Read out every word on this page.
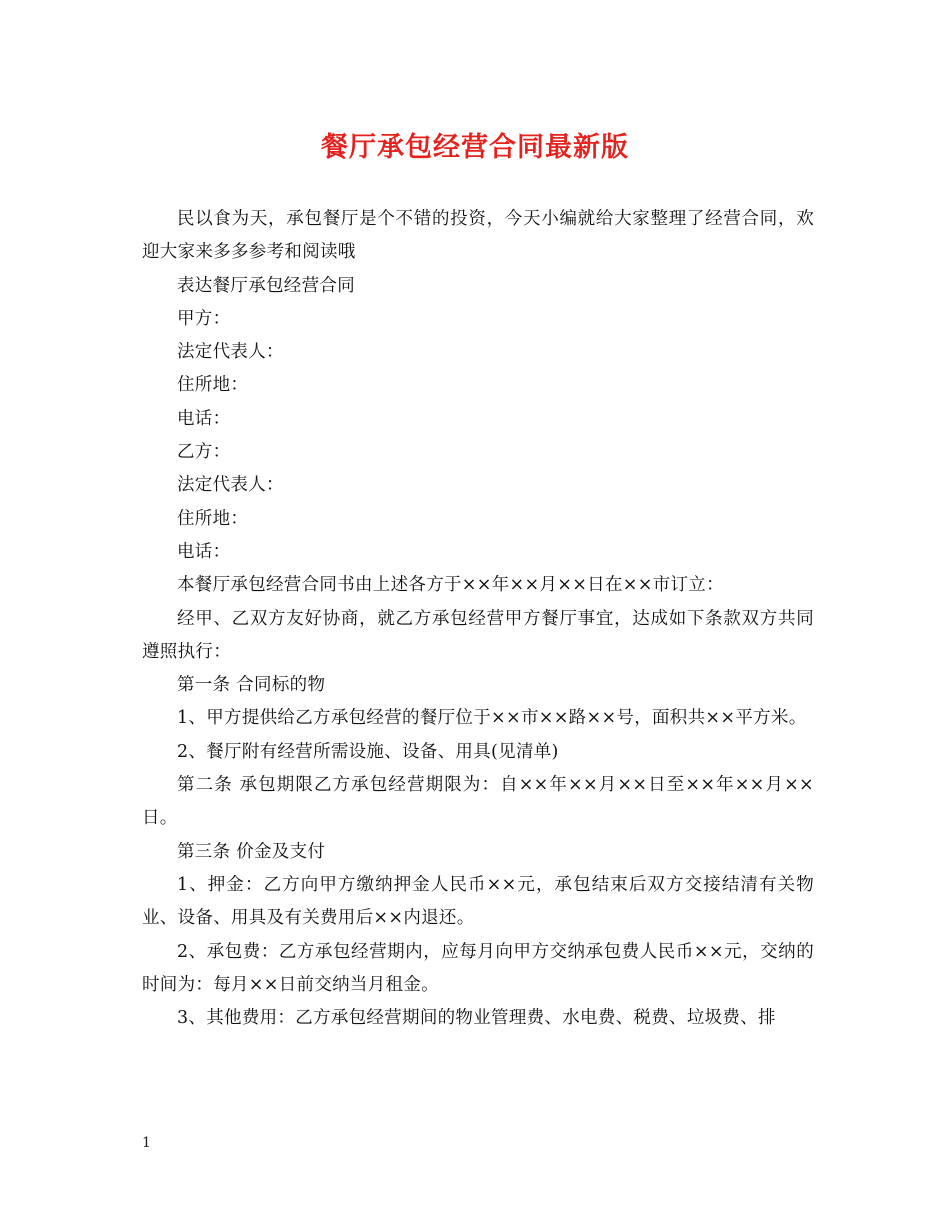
餐厅承包经营合同最新版

民以食为天，承包餐厅是个不错的投资，今天小编就给大家整理了经营合同，欢迎大家来多多参考和阅读哦

表达餐厅承包经营合同

甲方：

法定代表人：

住所地：

电话：

乙方：

法定代表人：

住所地：

电话：

本餐厅承包经营合同书由上述各方于××年××月××日在××市订立：

经甲、乙双方友好协商，就乙方承包经营甲方餐厅事宜，达成如下条款双方共同遵照执行：

第一条 合同标的物

1、甲方提供给乙方承包经营的餐厅位于××市××路××号，面积共××平方米。

2、餐厅附有经营所需设施、设备、用具(见清单)

第二条 承包期限乙方承包经营期限为：自××年××月××日至××年××月××日。

第三条 价金及支付

1、押金：乙方向甲方缴纳押金人民币××元，承包结束后双方交接结清有关物业、设备、用具及有关费用后××内退还。

2、承包费：乙方承包经营期内，应每月向甲方交纳承包费人民币××元，交纳的时间为：每月××日前交纳当月租金。

3、其他费用：乙方承包经营期间的物业管理费、水电费、税费、垃圾费、排

1
